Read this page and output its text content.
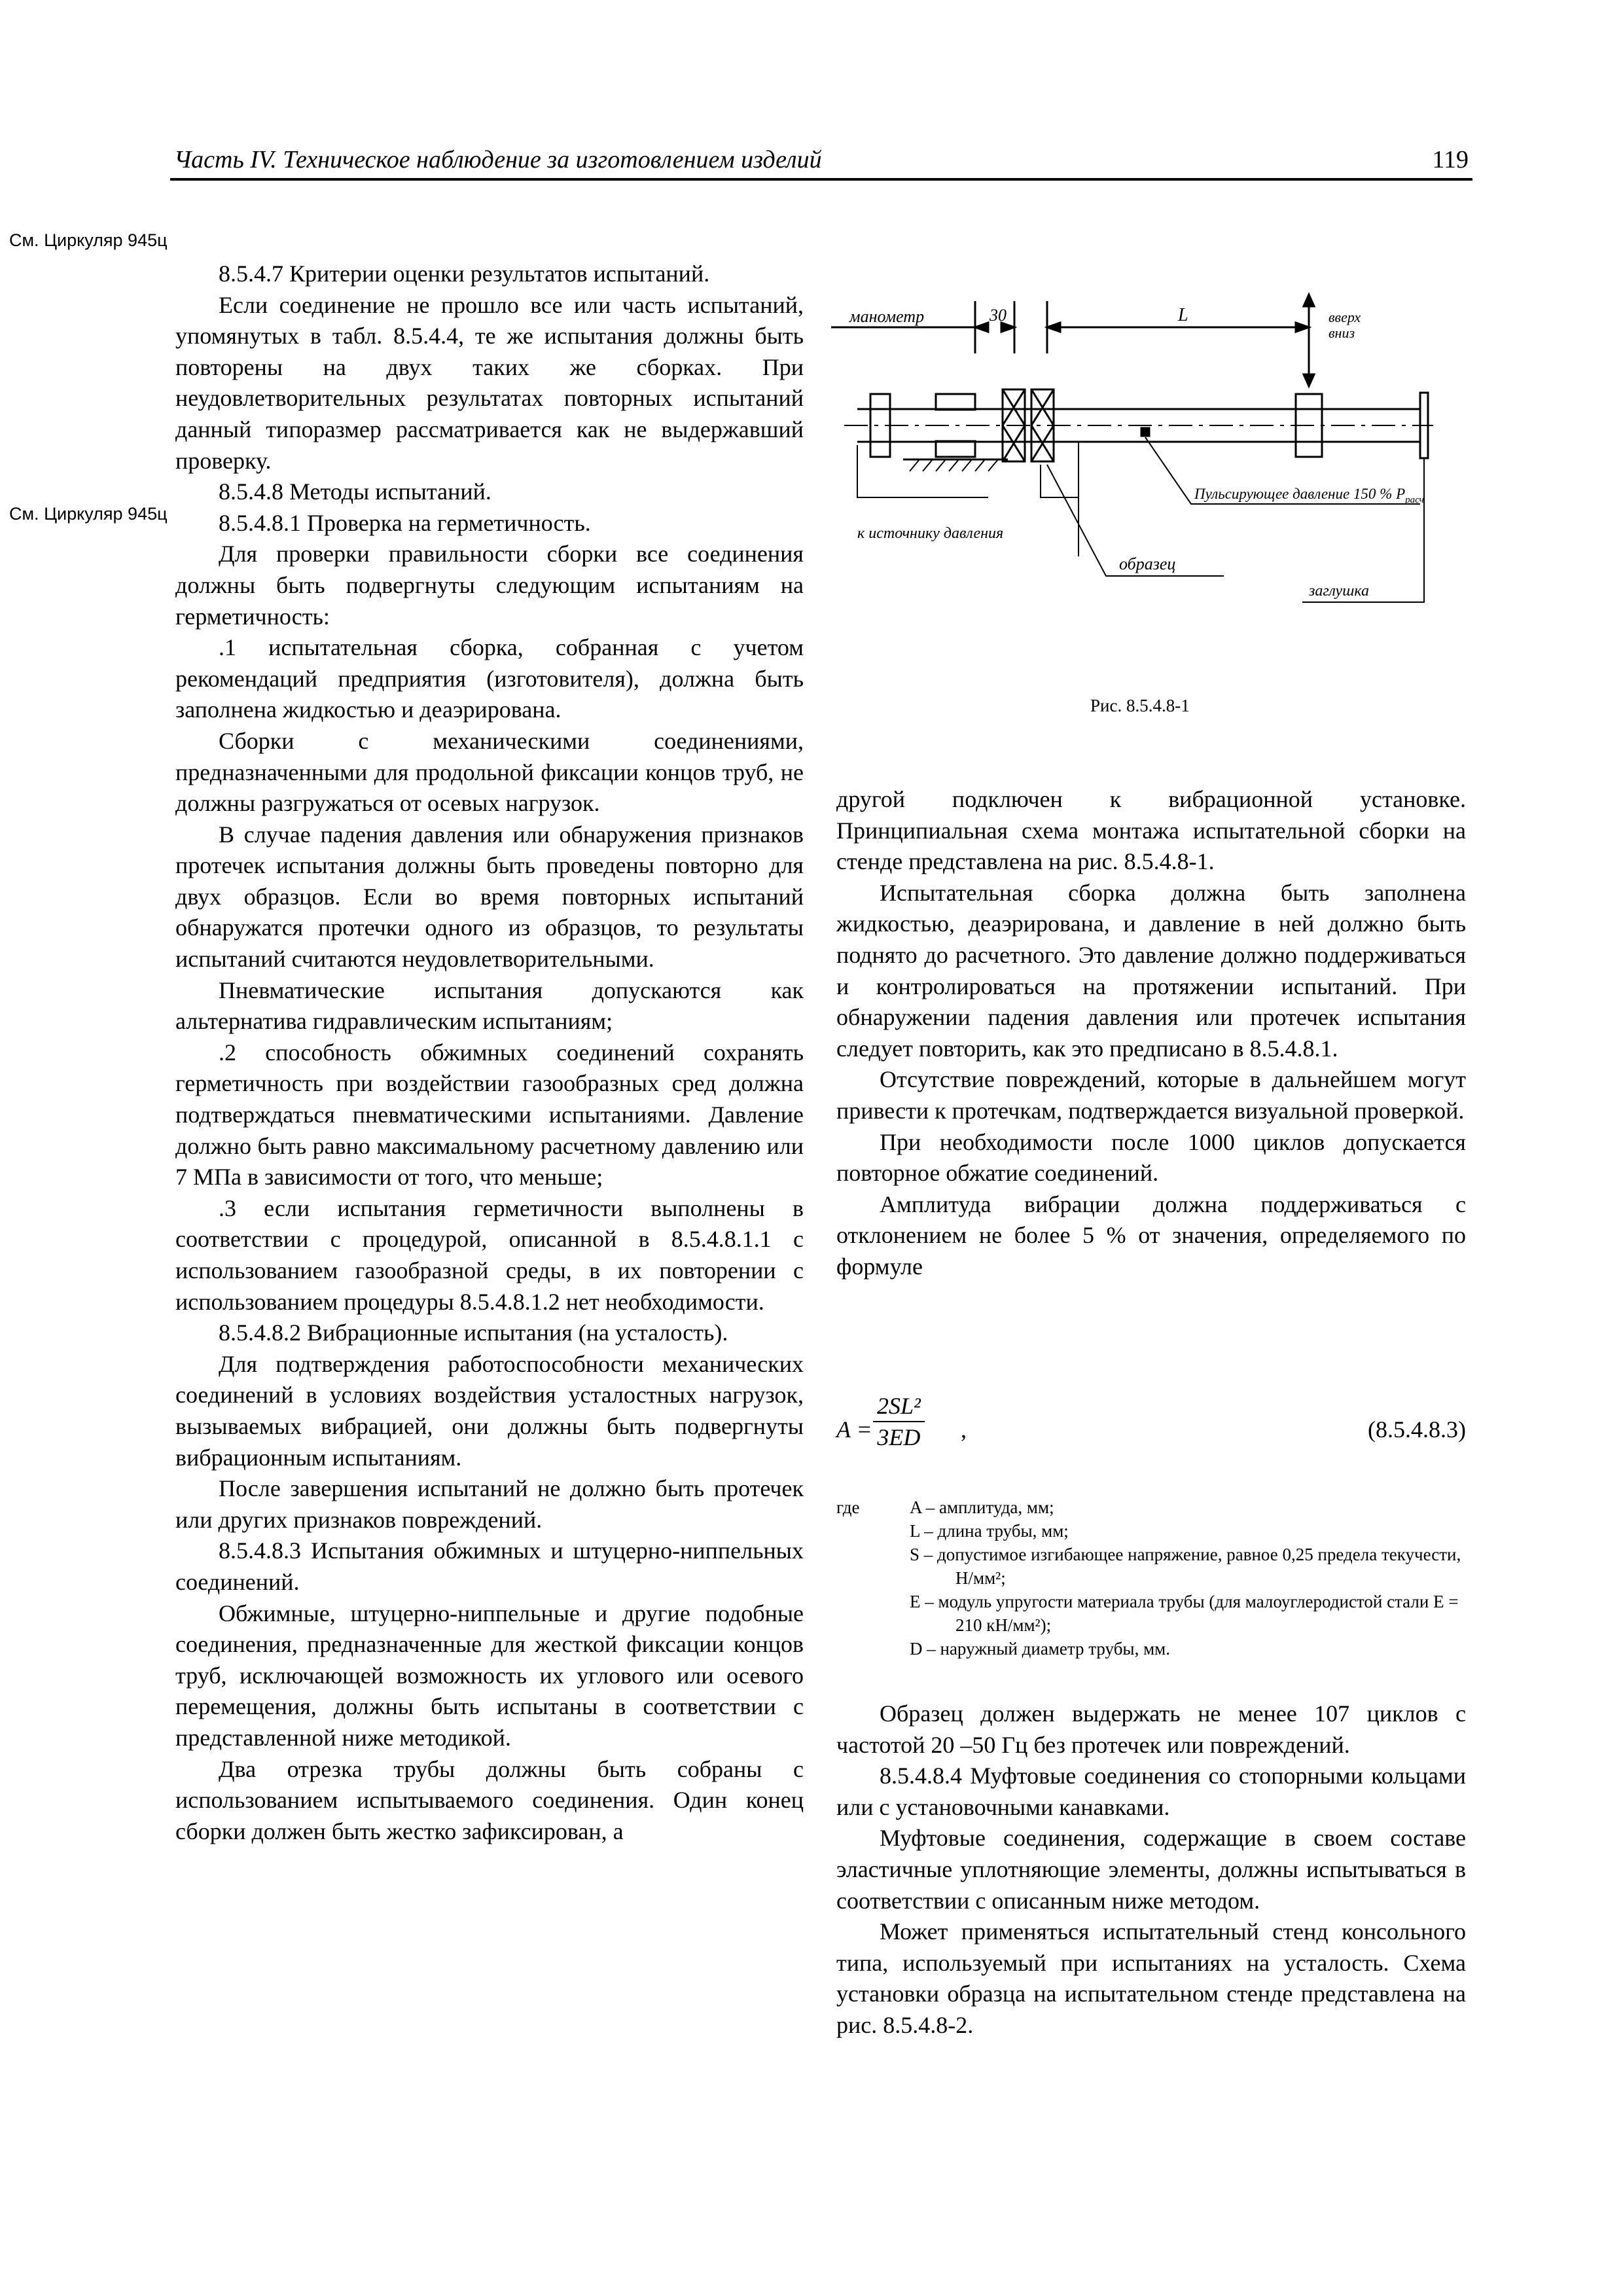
Часть IV. Техническое наблюдение за изготовлением изделий	119
См. Циркуляр 945ц
См. Циркуляр 945ц

8.5.4.7 Критерии оценки результатов испытаний.

Если соединение не прошло все или часть испытаний, упомянутых в табл. 8.5.4.4, те же испытания должны быть повторены на двух таких же сборках. При неудовлетворительных результатах повторных испытаний данный типоразмер рассматривается как не выдержавший проверку.

8.5.4.8 Методы испытаний.

8.5.4.8.1 Проверка на герметичность.

Для проверки правильности сборки все соединения должны быть подвергнуты следующим испытаниям на герметичность:

.1 испытательная сборка, собранная с учетом рекомендаций предприятия (изготовителя), должна быть заполнена жидкостью и деаэрирована.

Сборки с механическими соединениями, предназначенными для продольной фиксации концов труб, не должны разгружаться от осевых нагрузок.

В случае падения давления или обнаружения признаков протечек испытания должны быть проведены повторно для двух образцов. Если во время повторных испытаний обнаружатся протечки одного из образцов, то результаты испытаний считаются неудовлетворительными.

Пневматические испытания допускаются как альтернатива гидравлическим испытаниям;

.2 способность обжимных соединений сохранять герметичность при воздействии газообразных сред должна подтверждаться пневматическими испытаниями. Давление должно быть равно максимальному расчетному давлению или 7 МПа в зависимости от того, что меньше;

.3 если испытания герметичности выполнены в соответствии с процедурой, описанной в 8.5.4.8.1.1 с использованием газообразной среды, в их повторении с использованием процедуры 8.5.4.8.1.2 нет необходимости.

8.5.4.8.2 Вибрационные испытания (на усталость).

Для подтверждения работоспособности механических соединений в условиях воздействия усталостных нагрузок, вызываемых вибрацией, они должны быть подвергнуты вибрационным испытаниям.

После завершения испытаний не должно быть протечек или других признаков повреждений.

8.5.4.8.3 Испытания обжимных и штуцерно-ниппельных соединений.

Обжимные, штуцерно-ниппельные и другие подобные соединения, предназначенные для жесткой фиксации концов труб, исключающей возможность их углового или осевого перемещения, должны быть испытаны в соответствии с представленной ниже методикой.

Два отрезка трубы должны быть собраны с использованием испытываемого соединения. Один конец сборки должен быть жестко зафиксирован, а

манометр	30	L	вверх
вниз
Пульсирующее давление 150 % $P_{расч}$
к источнику давления
образец
заглушка
Рис. 8.5.4.8-1

другой подключен к вибрационной установке. Принципиальная схема монтажа испытательной сборки на стенде представлена на рис. 8.5.4.8-1.

Испытательная сборка должна быть заполнена жидкостью, деаэрирована, и давление в ней должно быть поднято до расчетного. Это давление должно поддерживаться и контролироваться на протяжении испытаний. При обнаружении падения давления или протечек испытания следует повторить, как это предписано в 8.5.4.8.1.

Отсутствие повреждений, которые в дальнейшем могут привести к протечкам, подтверждается визуальной проверкой.

При необходимости после 1000 циклов допускается повторное обжатие соединений.

Амплитуда вибрации должна поддерживаться с отклонением не более 5 % от значения, определяемого по формуле

$A = \frac{\text{2SL²}}{3ED}$ ,	(8.5.4.8.3)
где	A – амплитуда, мм;
L – длина трубы, мм;
S – допустимое изгибающее напряжение, равное 0,25 предела текучести, Н/мм²;
E – модуль упругости материала трубы (для малоуглеродистой стали E = 210 кН/мм²);
D – наружный диаметр трубы, мм.

Образец должен выдержать не менее 107 циклов с частотой 20 –50 Гц без протечек или повреждений.

8.5.4.8.4 Муфтовые соединения со стопорными кольцами или с установочными канавками.

Муфтовые соединения, содержащие в своем составе эластичные уплотняющие элементы, должны испытываться в соответствии с описанным ниже методом.

Может применяться испытательный стенд консольного типа, используемый при испытаниях на усталость. Схема установки образца на испытательном стенде представлена на рис. 8.5.4.8-2.
